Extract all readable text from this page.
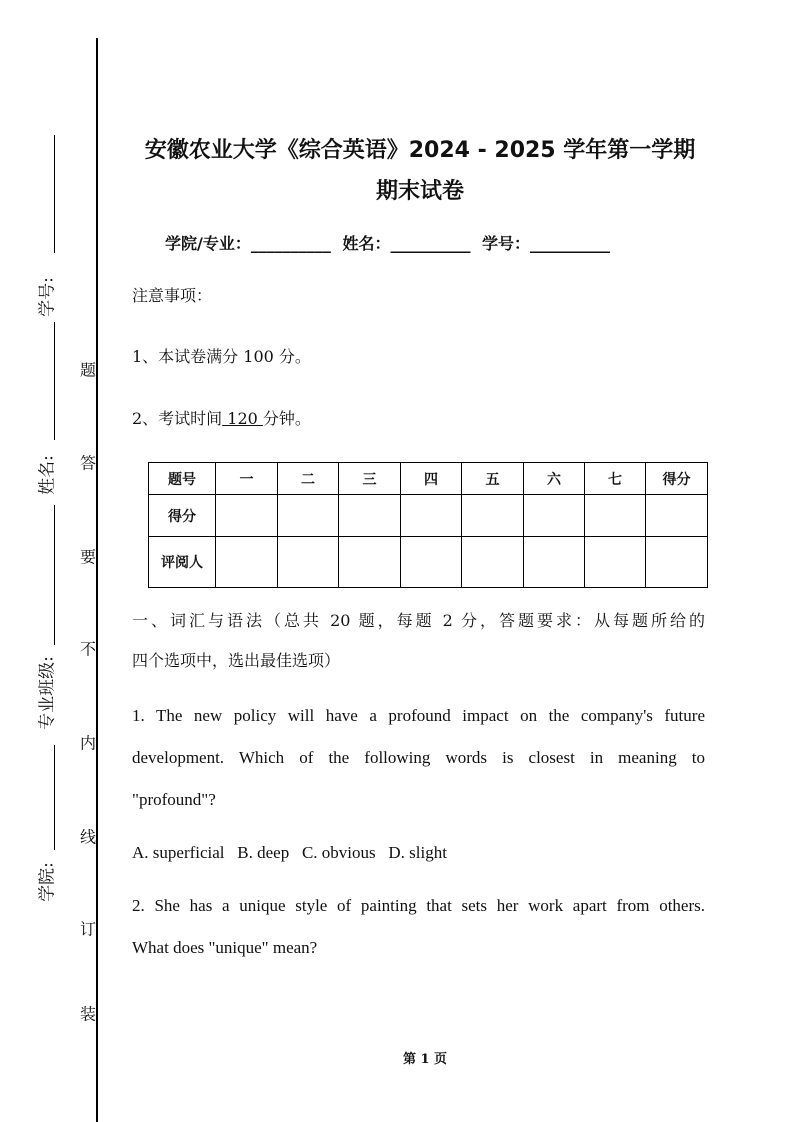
学号:
姓名:
专业班级:
学院:
题
答
要
不
内
线
订
装
安徽农业大学《综合英语》2024 - 2025 学年第一学期
期末试卷
学院/专业：__________ 姓名：__________ 学号：__________
注意事项：
1、本试卷满分 100 分。
2、考试时间 120 分钟。
题号	一	二	三	四	五	六	七	得分
得分								
评阅人								
一、词汇与语法（总共 20 题，每题 2 分，答题要求：从每题所给的
四个选项中，选出最佳选项）
1. The new policy will have a profound impact on the company's future
development. Which of the following words is closest in meaning to
"profound"?
A. superficial   B. deep   C. obvious   D. slight
2. She has a unique style of painting that sets her work apart from others.
What does "unique" mean?
第 1 页
